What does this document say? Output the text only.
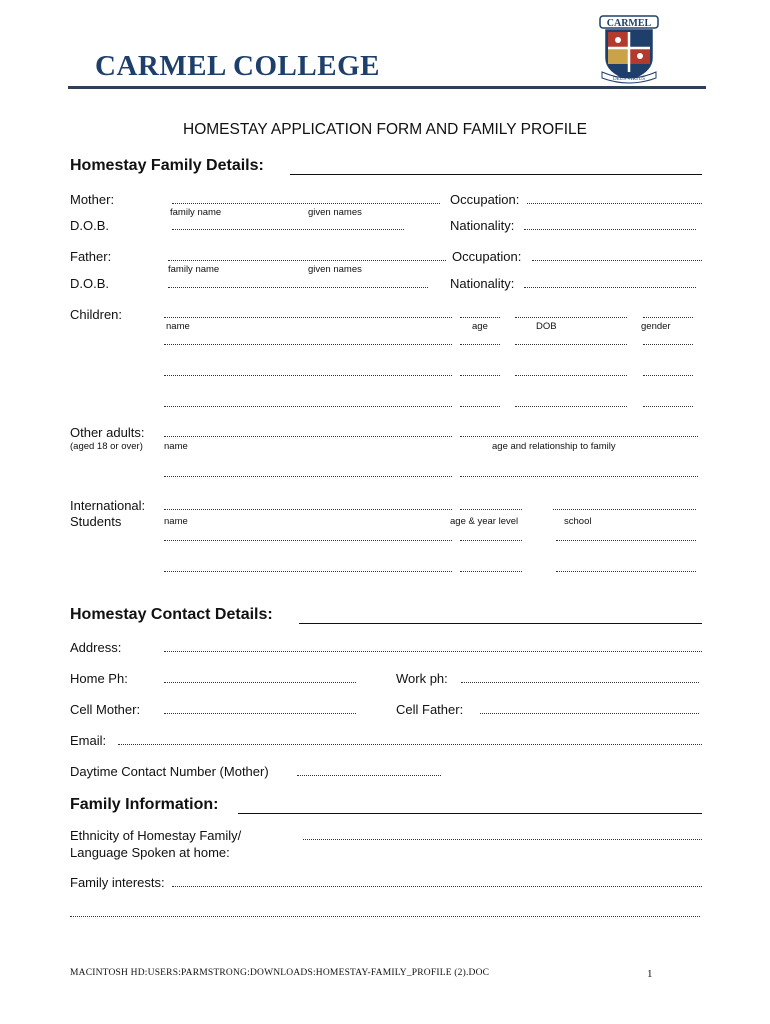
CARMEL COLLEGE
CARMEL
DEUS VIRTUS
HOMESTAY APPLICATION FORM AND FAMILY PROFILE
Homestay Family Details:
Mother:	Occupation:
family name	given names
D.O.B.	Nationality:
Father:	Occupation:
family name	given names
D.O.B.	Nationality:
Children:
name	age	DOB	gender
Other adults:
(aged 18 or over) name	age and relationship to family
International:
Students	name	age & year level	school
Homestay Contact Details:
Address:
Home Ph:	Work ph:
Cell Mother:	Cell Father:
Email:
Daytime Contact Number (Mother)
Family Information:
Ethnicity of Homestay Family/
Language Spoken at home:
Family interests:
MACINTOSH HD:USERS:PARMSTRONG:DOWNLOADS:HOMESTAY-FAMILY_PROFILE (2).DOC	1
